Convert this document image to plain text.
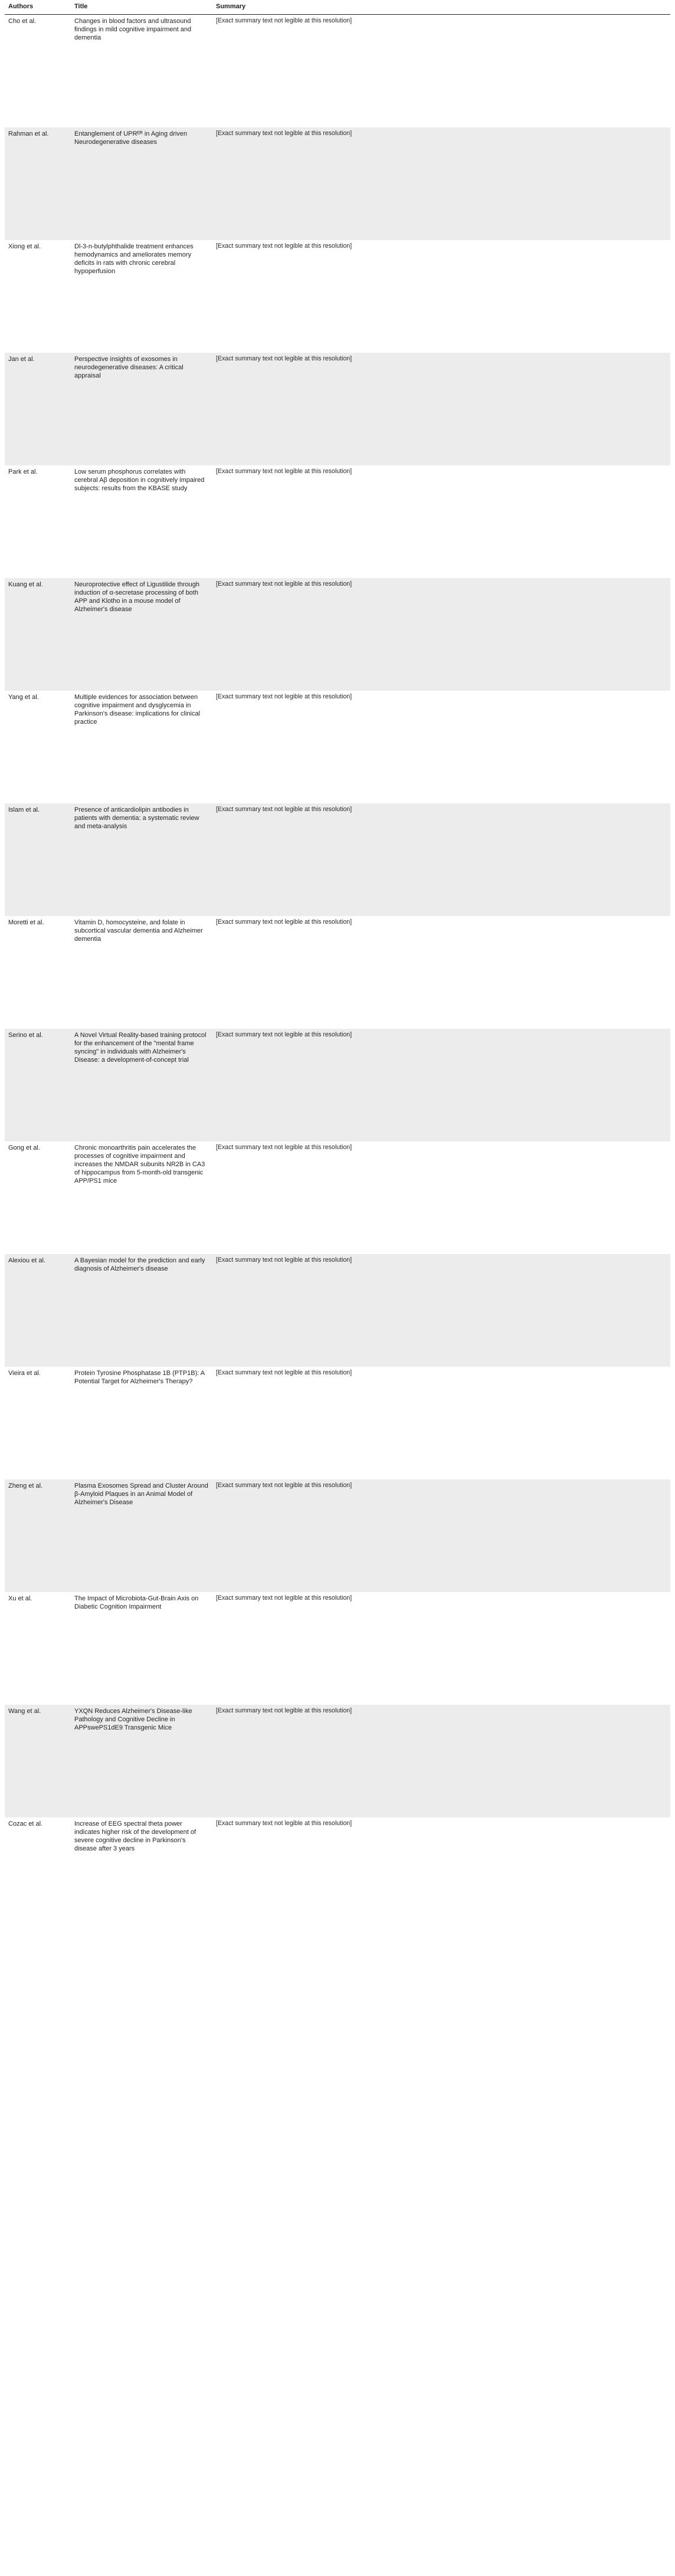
Authors	Title	Summary

Cho et al.	Changes in blood factors and ultrasound findings in mild cognitive impairment and dementia	[Exact summary text not legible at this resolution]

Rahman et al.	Entanglement of UPRᴱᴿ in Aging driven Neurodegenerative diseases	[Exact summary text not legible at this resolution]

Xiong et al.	Dl-3-n-butylphthalide treatment enhances hemodynamics and ameliorates memory deficits in rats with chronic cerebral hypoperfusion	[Exact summary text not legible at this resolution]

Jan et al.	Perspective insights of exosomes in neurodegenerative diseases: A critical appraisal	[Exact summary text not legible at this resolution]

Park et al.	Low serum phosphorus correlates with cerebral Aβ deposition in cognitively impaired subjects: results from the KBASE study	[Exact summary text not legible at this resolution]

Kuang et al.	Neuroprotective effect of Ligustilide through induction of α-secretase processing of both APP and Klotho in a mouse model of Alzheimer's disease	[Exact summary text not legible at this resolution]

Yang et al.	Multiple evidences for association between cognitive impairment and dysglycemia in Parkinson's disease: implications for clinical practice	[Exact summary text not legible at this resolution]

Islam et al.	Presence of anticardiolipin antibodies in patients with dementia: a systematic review and meta-analysis	[Exact summary text not legible at this resolution]

Moretti et al.	Vitamin D, homocysteine, and folate in subcortical vascular dementia and Alzheimer dementia	[Exact summary text not legible at this resolution]

Serino et al.	A Novel Virtual Reality-based training protocol for the enhancement of the "mental frame syncing" in individuals with Alzheimer's Disease: a development-of-concept trial	[Exact summary text not legible at this resolution]

Gong et al.	Chronic monoarthritis pain accelerates the processes of cognitive impairment and increases the NMDAR subunits NR2B in CA3 of hippocampus from 5-month-old transgenic APP/PS1 mice	[Exact summary text not legible at this resolution]

Alexiou et al.	A Bayesian model for the prediction and early diagnosis of Alzheimer's disease	[Exact summary text not legible at this resolution]

Vieira et al.	Protein Tyrosine Phosphatase 1B (PTP1B): A Potential Target for Alzheimer's Therapy?	[Exact summary text not legible at this resolution]

Zheng et al.	Plasma Exosomes Spread and Cluster Around β-Amyloid Plaques in an Animal Model of Alzheimer's Disease	[Exact summary text not legible at this resolution]

Xu et al.	The Impact of Microbiota-Gut-Brain Axis on Diabetic Cognition Impairment	[Exact summary text not legible at this resolution]

Wang et al.	YXQN Reduces Alzheimer's Disease-like Pathology and Cognitive Decline in APPswePS1dE9 Transgenic Mice	[Exact summary text not legible at this resolution]

Cozac et al.	Increase of EEG spectral theta power indicates higher risk of the development of severe cognitive decline in Parkinson's disease after 3 years	[Exact summary text not legible at this resolution]
